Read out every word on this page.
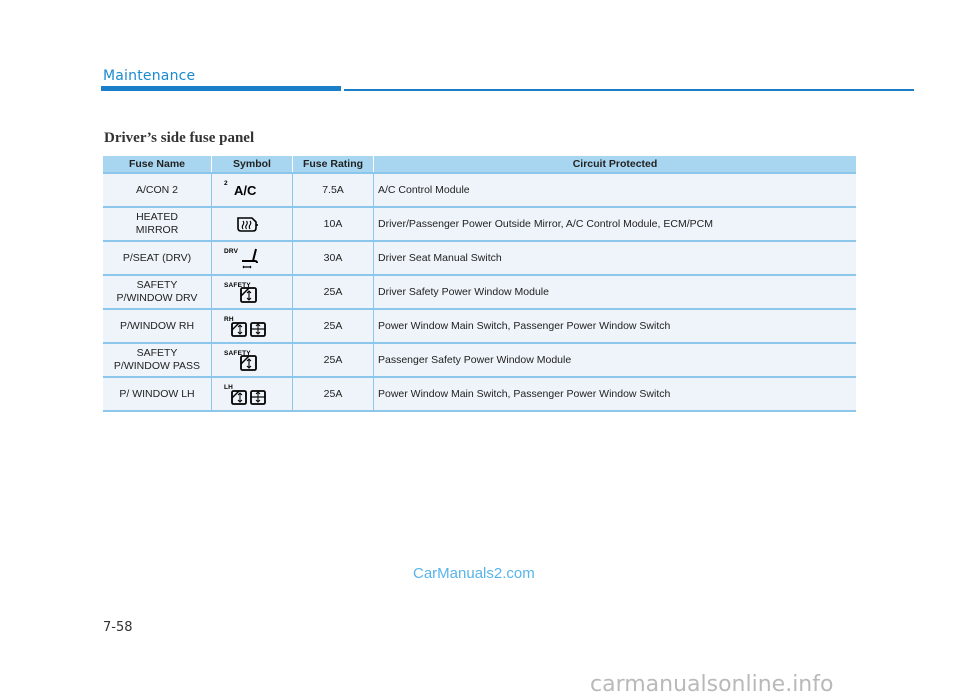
Maintenance
Driver’s side fuse panel
Fuse Name	Symbol	Fuse Rating	Circuit Protected
A/CON 2	2 A/C	7.5A	A/C Control Module
HEATED
MIRROR		10A	Driver/Passenger Power Outside Mirror, A/C Control Module, ECM/PCM
P/SEAT (DRV)	DRV	30A	Driver Seat Manual Switch
SAFETY
P/WINDOW DRV	SAFETY	25A	Driver Safety Power Window Module
P/WINDOW RH	RH	25A	Power Window Main Switch, Passenger Power Window Switch
SAFETY
P/WINDOW PASS	SAFETY	25A	Passenger Safety Power Window Module
P/ WINDOW LH	LH	25A	Power Window Main Switch, Passenger Power Window Switch
CarManuals2.com
7-58
carmanualsonline.info
